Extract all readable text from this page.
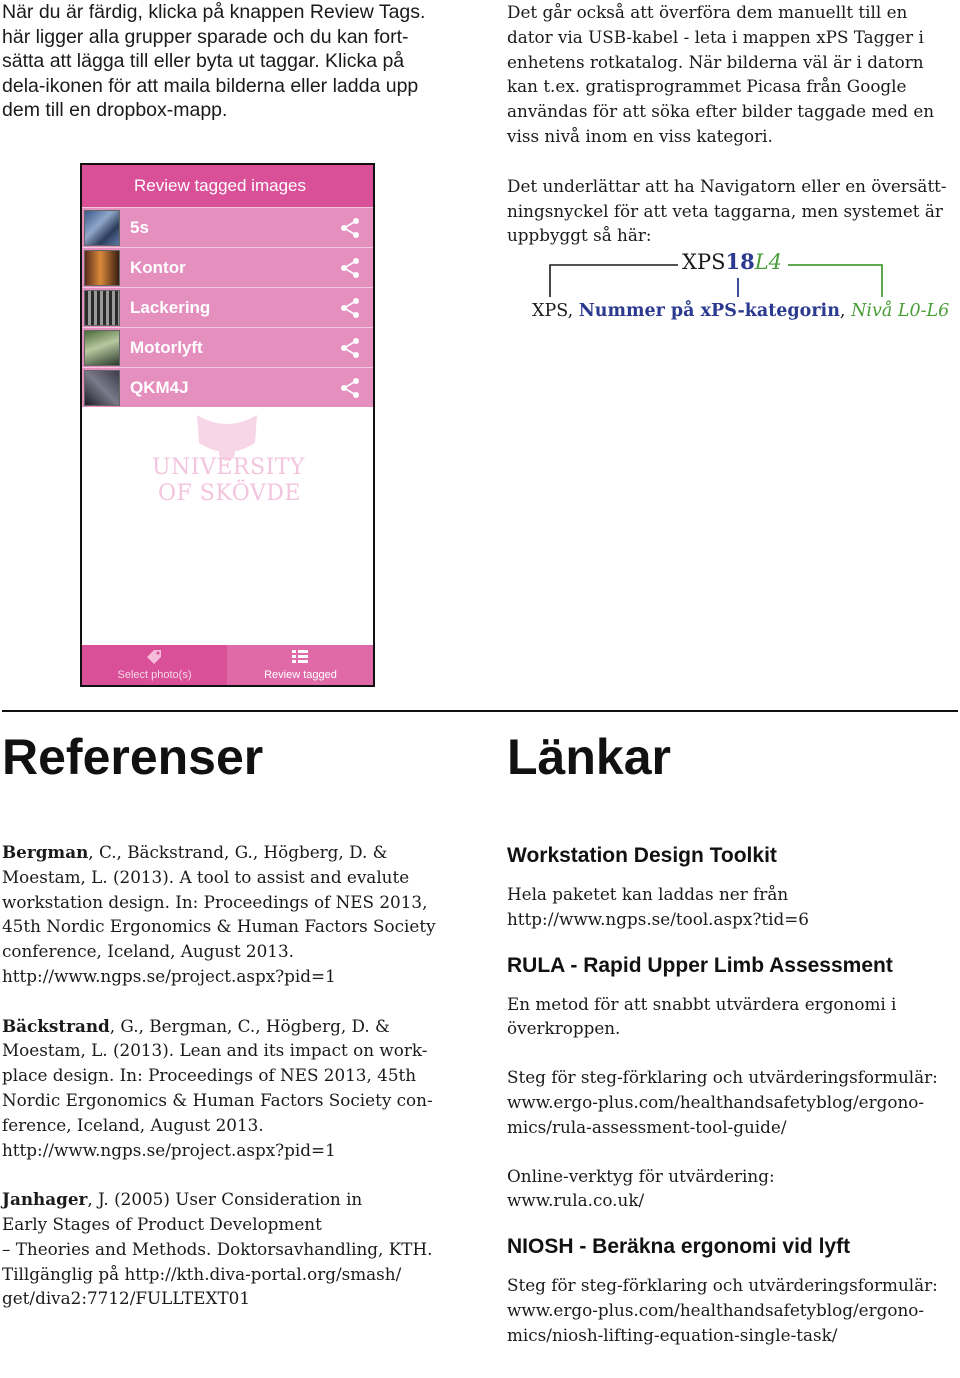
När du är färdig, klicka på knappen Review Tags.
här ligger alla grupper sparade och du kan fort-
sätta att lägga till eller byta ut taggar. Klicka på
dela-ikonen för att maila bilderna eller ladda upp
dem till en dropbox-mapp.
Det går också att överföra dem manuellt till en
dator via USB-kabel - leta i mappen xPS Tagger i
enhetens rotkatalog. När bilderna väl är i datorn
kan t.ex. gratisprogrammet Picasa från Google
användas för att söka efter bilder taggade med en
viss nivå inom en viss kategori.
Det underlättar att ha Navigatorn eller en översätt-
ningsnyckel för att veta taggarna, men systemet är
uppbyggt så här:
XPS18L4
XPS, Nummer på xPS-kategorin, Nivå L0-L6
Review tagged images
5s
Kontor
Lackering
Motorlyft
QKM4J
UNIVERSITY
OF SKÖVDE
Select photo(s)	Review tagged
Referenser	Länkar
Bergman, C., Bäckstrand, G., Högberg, D. &
Moestam, L. (2013). A tool to assist and evalute
workstation design. In: Proceedings of NES 2013,
45th Nordic Ergonomics & Human Factors Society
conference, Iceland, August 2013.
http://www.ngps.se/project.aspx?pid=1
Bäckstrand, G., Bergman, C., Högberg, D. &
Moestam, L. (2013). Lean and its impact on work-
place design. In: Proceedings of NES 2013, 45th
Nordic Ergonomics & Human Factors Society con-
ference, Iceland, August 2013.
http://www.ngps.se/project.aspx?pid=1
Janhager, J. (2005) User Consideration in
Early Stages of Product Development
– Theories and Methods. Doktorsavhandling, KTH.
Tillgänglig på http://kth.diva-portal.org/smash/
get/diva2:7712/FULLTEXT01
Workstation Design Toolkit
Hela paketet kan laddas ner från
http://www.ngps.se/tool.aspx?tid=6
RULA - Rapid Upper Limb Assessment
En metod för att snabbt utvärdera ergonomi i
överkroppen.
Steg för steg-förklaring och utvärderingsformulär:
www.ergo-plus.com/healthandsafetyblog/ergono-
mics/rula-assessment-tool-guide/
Online-verktyg för utvärdering:
www.rula.co.uk/
NIOSH - Beräkna ergonomi vid lyft
Steg för steg-förklaring och utvärderingsformulär:
www.ergo-plus.com/healthandsafetyblog/ergono-
mics/niosh-lifting-equation-single-task/
